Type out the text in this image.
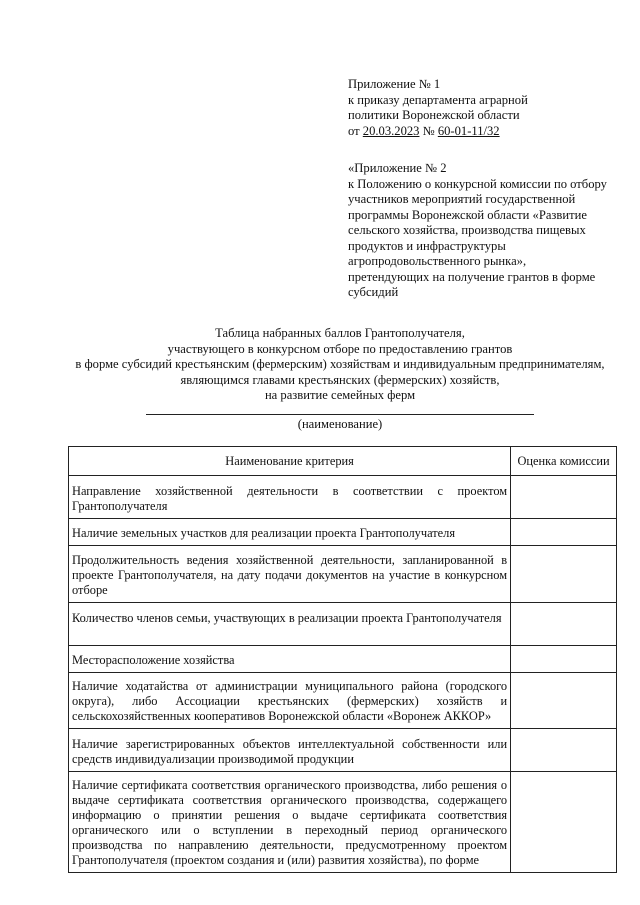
Приложение № 1
к приказу департамента аграрной
политики Воронежской области
от 20.03.2023 № 60-01-11/32
«Приложение № 2
к Положению о конкурсной комиссии по отбору
участников мероприятий государственной
программы Воронежской области «Развитие
сельского хозяйства, производства пищевых
продуктов и инфраструктуры
агропродовольственного рынка»,
претендующих на получение грантов в форме
субсидий
Таблица набранных баллов Грантополучателя,
участвующего в конкурсном отборе по предоставлению грантов
в форме субсидий крестьянским (фермерским) хозяйствам и индивидуальным предпринимателям,
являющимся главами крестьянских (фермерских) хозяйств,
на развитие семейных ферм
(наименование)
Наименование критерия	Оценка комиссии
Направление хозяйственной деятельности в соответствии с проектом Грантополучателя	
Наличие земельных участков для реализации проекта Грантополучателя	
Продолжительность ведения хозяйственной деятельности, запланированной в проекте Грантополучателя, на дату подачи документов на участие в конкурсном отборе	
Количество членов семьи, участвующих в реализации проекта Грантополучателя	
Месторасположение хозяйства	
Наличие ходатайства от администрации муниципального района (городского округа), либо Ассоциации крестьянских (фермерских) хозяйств и сельскохозяйственных кооперативов Воронежской области «Воронеж АККОР»	
Наличие зарегистрированных объектов интеллектуальной собственности или средств индивидуализации производимой продукции	
Наличие сертификата соответствия органического производства, либо решения о выдаче сертификата соответствия органического производства, содержащего информацию о принятии решения о выдаче сертификата соответствия органического или о вступлении в переходный период органического производства по направлению деятельности, предусмотренному проектом Грантополучателя (проектом создания и (или) развития хозяйства), по форме	
